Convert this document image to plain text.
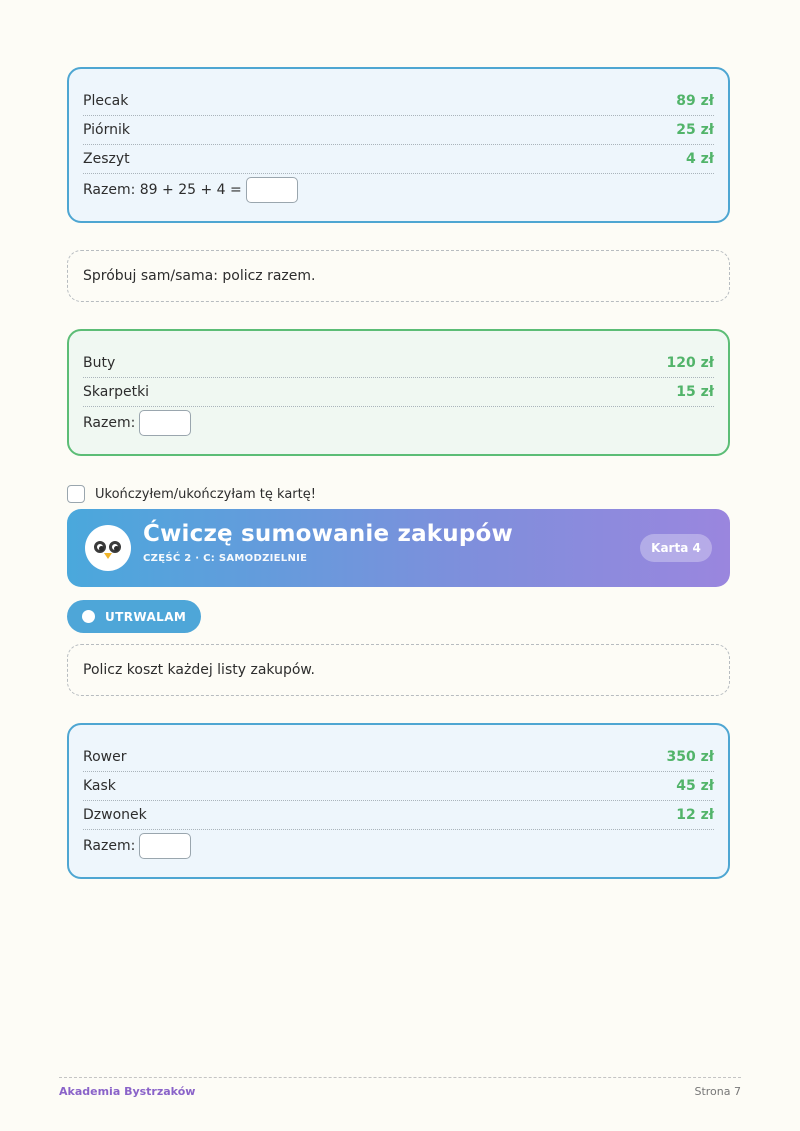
Plecak	89 zł
Piórnik	25 zł
Zeszyt	4 zł
Razem: 89 + 25 + 4 =
Spróbuj sam/sama: policz razem.
Buty	120 zł
Skarpetki	15 zł
Razem:
Ukończyłem/ukończyłam tę kartę!
Ćwiczę sumowanie zakupów
CZĘŚĆ 2 · C: SAMODZIELNIE
Karta 4
UTRWALAM
Policz koszt każdej listy zakupów.
Rower	350 zł
Kask	45 zł
Dzwonek	12 zł
Razem:
Akademia Bystrzaków	Strona 7
